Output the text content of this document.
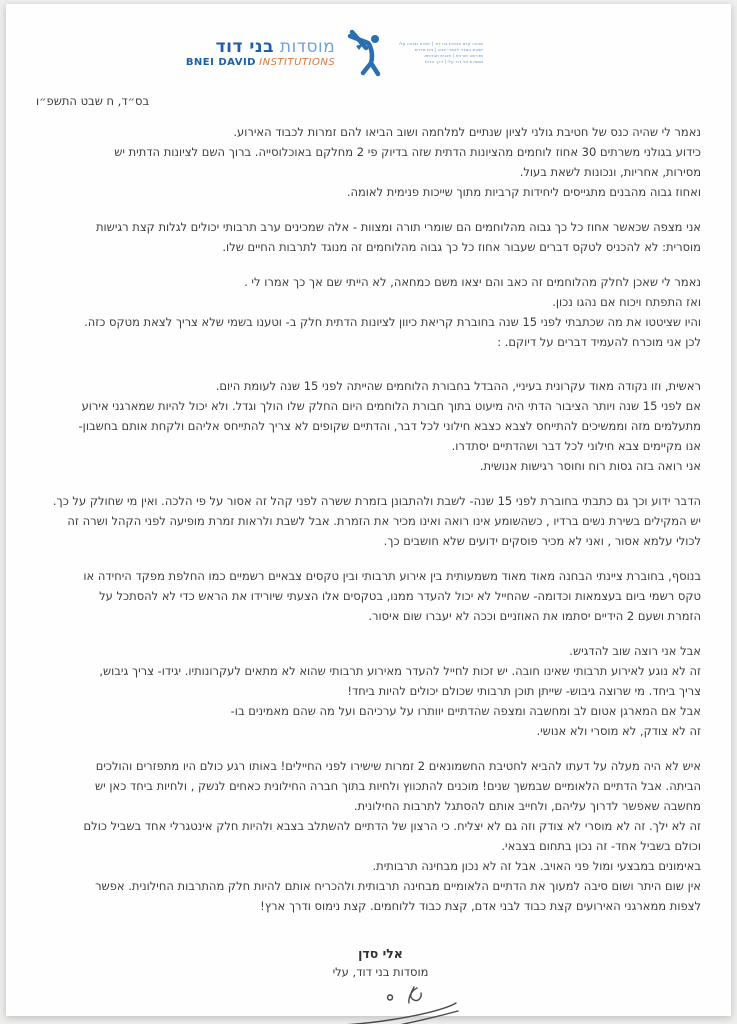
מוסדות בני דוד
BNEI DAVID INSTITUTIONS
מכינה קדם צבאית בני דוד | ישיבה גבוהה עלי
ישיבת הסדר לבוגרי צבא | בית מדרש
מדרשה תורנית | תכנית חברותא
מוסדות בני דוד עלי | דרך הרוח
בס״ד, ח שבט התשפ״ו
נאמר לי שהיה כנס של חטיבת גולני לציון שנתיים למלחמה ושוב הביאו להם זמרות לכבוד האירוע.
כידוע בגולני משרתים 30 אחוז לוחמים מהציונות הדתית שזה בדיוק פי 2 מחלקם באוכלוסייה. ברוך השם לציונות הדתית יש
מסירות, אחריות, ונכונות לשאת בעול.
ואחוז גבוה מהבנים מתגייסים ליחידות קרביות מתוך שייכות פנימית לאומה.
אני מצפה שכאשר אחוז כל כך גבוה מהלוחמים הם שומרי תורה ומצוות - אלה שמכינים ערב תרבותי יכולים לגלות קצת רגישות
מוסרית: לא להכניס לטקס דברים שעבור אחוז כל כך גבוה מהלוחמים זה מנוגד לתרבות החיים שלו.
נאמר לי שאכן לחלק מהלוחמים זה כאב והם יצאו משם כמחאה, לא הייתי שם אך כך אמרו לי .
ואז התפתח ויכוח אם נהגו נכון.
והיו שציטטו את מה שכתבתי לפני 15 שנה בחוברת קריאת כיוון לציונות הדתית חלק ב- וטענו בשמי שלא צריך לצאת מטקס כזה.
לכן אני מוכרח להעמיד דברים על דיוקם. :
ראשית, וזו נקודה מאוד עקרונית בעיניי, ההבדל בחבורת הלוחמים שהייתה לפני 15 שנה לעומת היום.
אם לפני 15 שנה ויותר הציבור הדתי היה מיעוט בתוך חבורת הלוחמים היום החלק שלו הולך וגדל. ולא יכול להיות שמארגני אירוע
מתעלמים מזה וממשיכים להתייחס לצבא כצבא חילוני לכל דבר, והדתיים שקופים לא צריך להתייחס אליהם ולקחת אותם בחשבון-
אנו מקיימים צבא חילוני לכל דבר ושהדתיים יסתדרו.
אני רואה בזה גסות רוח וחוסר רגישות אנושית.
הדבר ידוע וכך גם כתבתי בחוברת לפני 15 שנה- לשבת ולהתבונן בזמרת ששרה לפני קהל זה אסור על פי הלכה. ואין מי שחולק על כך.
יש המקילים בשירת נשים ברדיו , כשהשומע אינו רואה ואינו מכיר את הזמרת. אבל לשבת ולראות זמרת מופיעה לפני הקהל ושרה זה
לכולי עלמא אסור , ואני לא מכיר פוסקים ידועים שלא חושבים כך.
בנוסף, בחוברת ציינתי הבחנה מאוד מאוד משמעותית בין אירוע תרבותי ובין טקסים צבאיים רשמיים כמו החלפת מפקד היחידה או
טקס רשמי ביום בעצמאות וכדומה- שהחייל לא יכול להעדר ממנו, בטקסים אלו הצעתי שיורידו את הראש כדי לא להסתכל על
הזמרת ושעם 2 הידיים יסתמו את האוזניים וככה לא יעברו שום איסור.
אבל אני רוצה שוב להדגיש.
זה לא נוגע לאירוע תרבותי שאינו חובה. יש זכות לחייל להעדר מאירוע תרבותי שהוא לא מתאים לעקרונותיו. יגידו- צריך גיבוש,
צריך ביחד. מי שרוצה גיבוש- שייתן תוכן תרבותי שכולם יכולים להיות ביחד!
אבל אם המארגן אטום לב ומחשבה ומצפה שהדתיים יוותרו על ערכיהם ועל מה שהם מאמינים בו-
זה לא צודק, לא מוסרי ולא אנושי.
איש לא היה מעלה על דעתו להביא לחטיבת החשמונאים 2 זמרות שישירו לפני החיילים! באותו רגע כולם היו מתפזרים והולכים
הביתה. אבל הדתיים הלאומיים שבמשך שנים! מוכנים להתכווץ ולחיות בתוך חברה החילונית כאחים לנשק , ולחיות ביחד כאן יש
מחשבה שאפשר לדרוך עליהם, ולחייב אותם להסתגל לתרבות החילונית.
זה לא ילך. זה לא מוסרי לא צודק וזה גם לא יצליח. כי הרצון של הדתיים להשתלב בצבא ולהיות חלק אינטגרלי אחד בשביל כולם
וכולם בשביל אחד- זה נכון בתחום בצבאי.
באימונים במבצעי ומול פני האויב. אבל זה לא נכון מבחינה תרבותית.
אין שום היתר ושום סיבה למעוך את הדתיים הלאומיים מבחינה תרבותית ולהכריח אותם להיות חלק מהתרבות החילונית. אפשר
לצפות ממארגני האירועים קצת כבוד לבני אדם, קצת כבוד ללוחמים. קצת נימוס ודרך ארץ!
אלי סדן
מוסדות בני דוד, עלי
